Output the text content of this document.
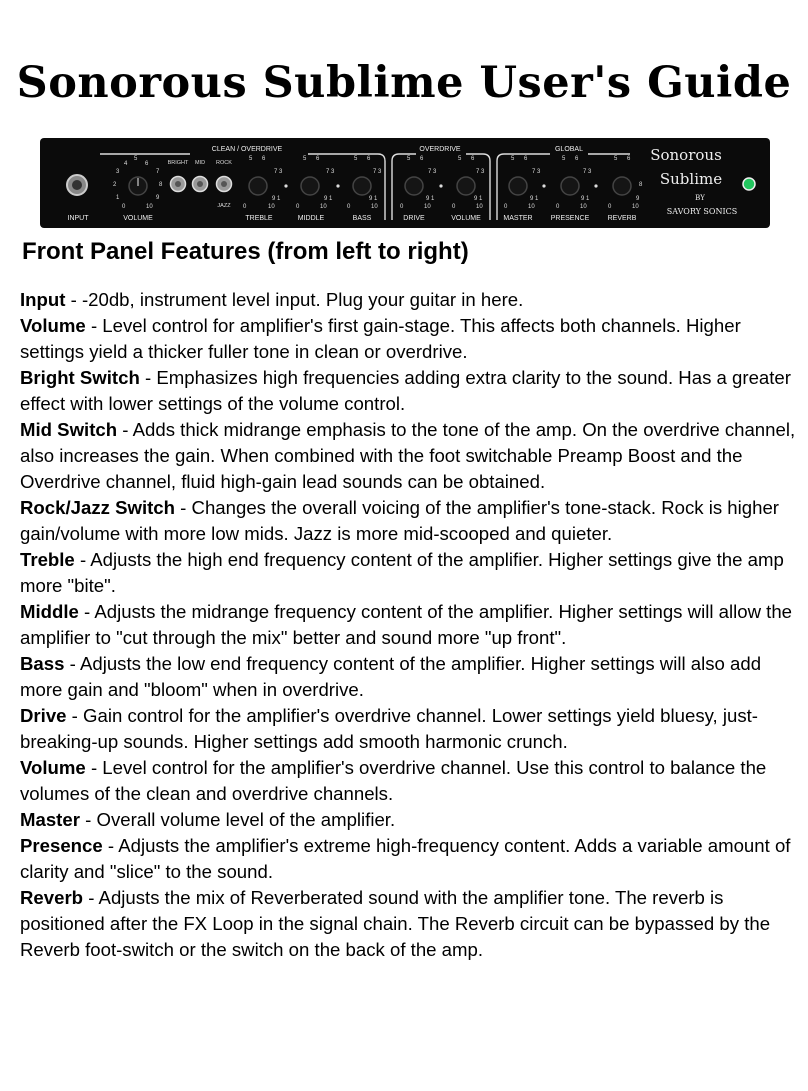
Sonorous Sublime User's Guide
CLEAN / OVERDRIVE	OVERDRIVE	GLOBAL
4
5
6
3	7
2	8
1	9
0	10
BRIGHT MID ROCK
JAZZ
5 6
7 3
9 1
5 6
7 3
9 1
5 6
7 3
9 1
5 6
7 3
9 1
5 6
7 3
9 1
5 6
7 3
9 1
5 6
7 3
9 1
5 6
8
9
0	10	0	10	0	10	0	10	0	10	0	10	0	10	0	10
INPUT	VOLUME	TREBLE	MIDDLE	BASS	DRIVE	VOLUME	MASTER	PRESENCE	REVERB
Sonorous
Sublime
BY
SAVORY SONICS
Front Panel Features (from left to right)

Input - -20db, instrument level input. Plug your guitar in here.

Volume - Level control for amplifier's first gain-stage. This affects both channels. Higher settings yield a thicker fuller tone in clean or overdrive.

Bright Switch - Emphasizes high frequencies adding extra clarity to the sound. Has a greater effect with lower settings of the volume control.

Mid Switch - Adds thick midrange emphasis to the tone of the amp. On the overdrive channel, also increases the gain. When combined with the foot switchable Preamp Boost and the Overdrive channel, fluid high-gain lead sounds can be obtained.

Rock/Jazz Switch - Changes the overall voicing of the amplifier's tone-stack. Rock is higher gain/volume with more low mids. Jazz is more mid-scooped and quieter.

Treble - Adjusts the high end frequency content of the amplifier. Higher settings give the amp more "bite".

Middle - Adjusts the midrange frequency content of the amplifier. Higher settings will allow the amplifier to "cut through the mix" better and sound more "up front".

Bass - Adjusts the low end frequency content of the amplifier. Higher settings will also add more gain and "bloom" when in overdrive.

Drive - Gain control for the amplifier's overdrive channel. Lower settings yield bluesy, just-breaking-up sounds. Higher settings add smooth harmonic crunch.

Volume - Level control for the amplifier's overdrive channel. Use this control to balance the volumes of the clean and overdrive channels.

Master - Overall volume level of the amplifier.

Presence - Adjusts the amplifier's extreme high-frequency content. Adds a variable amount of clarity and "slice" to the sound.

Reverb - Adjusts the mix of Reverberated sound with the amplifier tone. The reverb is positioned after the FX Loop in the signal chain. The Reverb circuit can be bypassed by the Reverb foot-switch or the switch on the back of the amp.
